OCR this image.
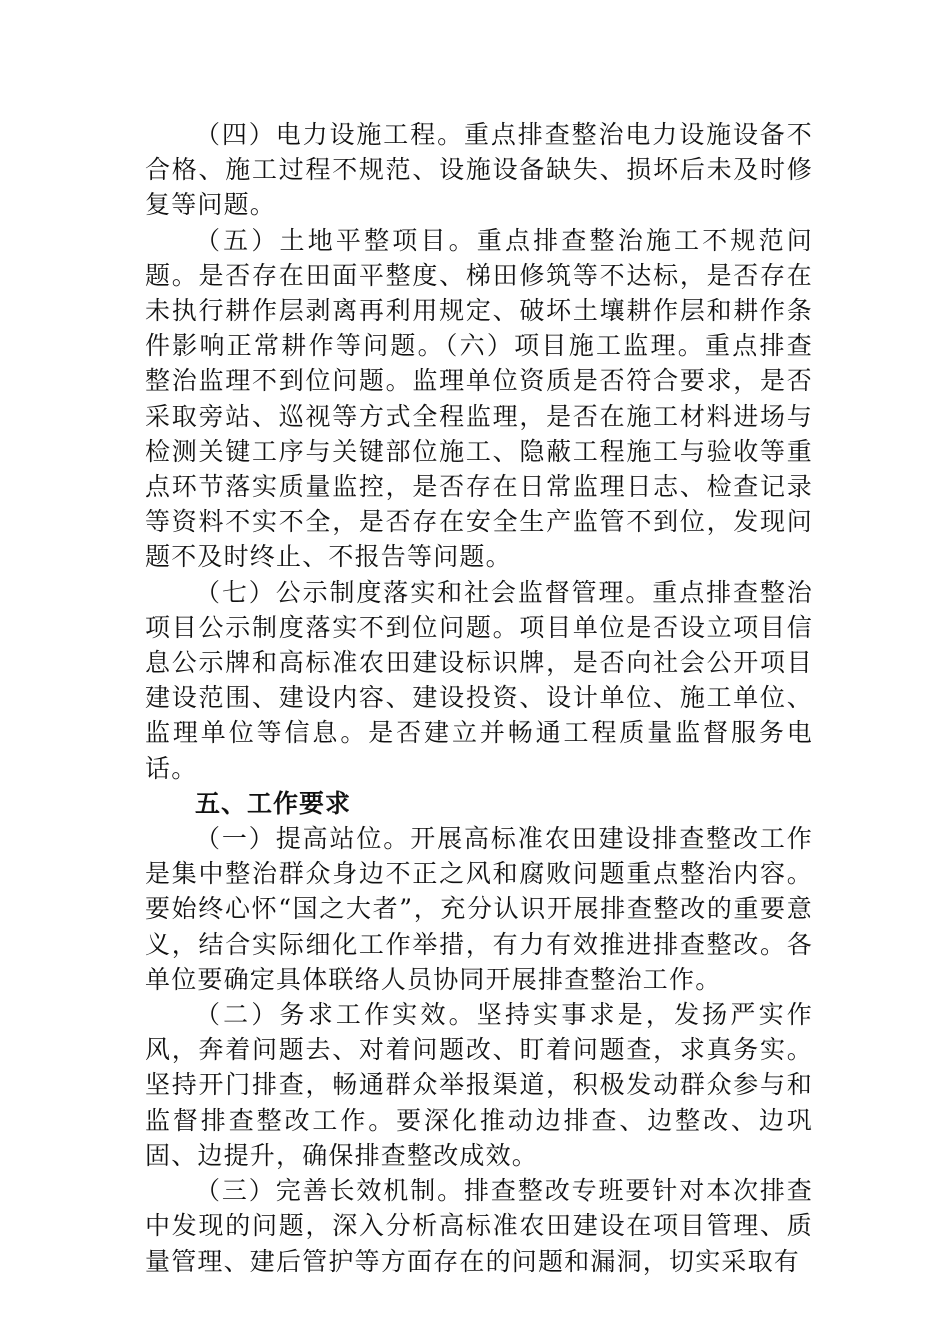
（四）电力设施工程。重点排查整治电力设施设备不合格、施工过程不规范、设施设备缺失、损坏后未及时修复等问题。

（五）土地平整项目。重点排查整治施工不规范问题。是否存在田面平整度、梯田修筑等不达标，是否存在未执行耕作层剥离再利用规定、破坏土壤耕作层和耕作条件影响正常耕作等问题。（六）项目施工监理。重点排查整治监理不到位问题。监理单位资质是否符合要求，是否采取旁站、巡视等方式全程监理，是否在施工材料进场与检测关键工序与关键部位施工、隐蔽工程施工与验收等重点环节落实质量监控，是否存在日常监理日志、检查记录等资料不实不全，是否存在安全生产监管不到位，发现问题不及时终止、不报告等问题。

（七）公示制度落实和社会监督管理。重点排查整治项目公示制度落实不到位问题。项目单位是否设立项目信息公示牌和高标准农田建设标识牌，是否向社会公开项目建设范围、建设内容、建设投资、设计单位、施工单位、监理单位等信息。是否建立并畅通工程质量监督服务电话。

五、工作要求

（一）提高站位。开展高标准农田建设排查整改工作是集中整治群众身边不正之风和腐败问题重点整治内容。要始终心怀“国之大者”，充分认识开展排查整改的重要意义，结合实际细化工作举措，有力有效推进排查整改。各单位要确定具体联络人员协同开展排查整治工作。

（二）务求工作实效。坚持实事求是，发扬严实作风，奔着问题去、对着问题改、盯着问题查，求真务实。坚持开门排查，畅通群众举报渠道，积极发动群众参与和监督排查整改工作。要深化推动边排查、边整改、边巩固、边提升，确保排查整改成效。

（三）完善长效机制。排查整改专班要针对本次排查中发现的问题，深入分析高标准农田建设在项目管理、质量管理、建后管护等方面存在的问题和漏洞，切实采取有
